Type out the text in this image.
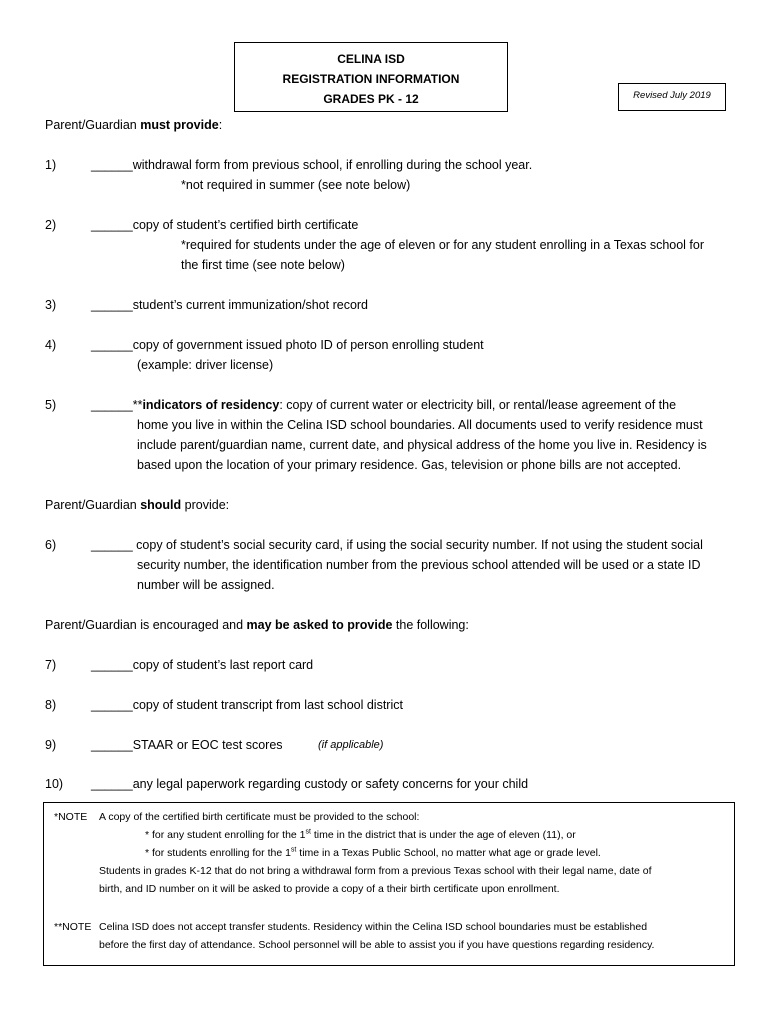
CELINA ISD
REGISTRATION INFORMATION
GRADES PK - 12	Revised July 2019
Parent/Guardian must provide:
1)	______withdrawal form from previous school, if enrolling during the school year.
*not required in summer (see note below)
2)	______copy of student’s certified birth certificate
*required for students under the age of eleven or for any student enrolling in a Texas school for
the first time (see note below)
3)	______student’s current immunization/shot record
4)	______copy of government issued photo ID of person enrolling student
(example: driver license)
5)	______**indicators of residency: copy of current water or electricity bill, or rental/lease agreement of the
home you live in within the Celina ISD school boundaries. All documents used to verify residence must
include parent/guardian name, current date, and physical address of the home you live in. Residency is
based upon the location of your primary residence. Gas, television or phone bills are not accepted.
Parent/Guardian should provide:
6)	______ copy of student’s social security card, if using the social security number. If not using the student social
security number, the identification number from the previous school attended will be used or a state ID
number will be assigned.
Parent/Guardian is encouraged and may be asked to provide the following:
7)	______copy of student’s last report card
8)	______copy of student transcript from last school district
9)	______STAAR or EOC test scores	(if applicable)
10) ______any legal paperwork regarding custody or safety concerns for your child
*NOTE A copy of the certified birth certificate must be provided to the school:
* for any student enrolling for the 1st time in the district that is under the age of eleven (11), or
* for students enrolling for the 1st time in a Texas Public School, no matter what age or grade level.
Students in grades K-12 that do not bring a withdrawal form from a previous Texas school with their legal name, date of
birth, and ID number on it will be asked to provide a copy of a their birth certificate upon enrollment.
**NOTE Celina ISD does not accept transfer students. Residency within the Celina ISD school boundaries must be established
before the first day of attendance. School personnel will be able to assist you if you have questions regarding residency.
